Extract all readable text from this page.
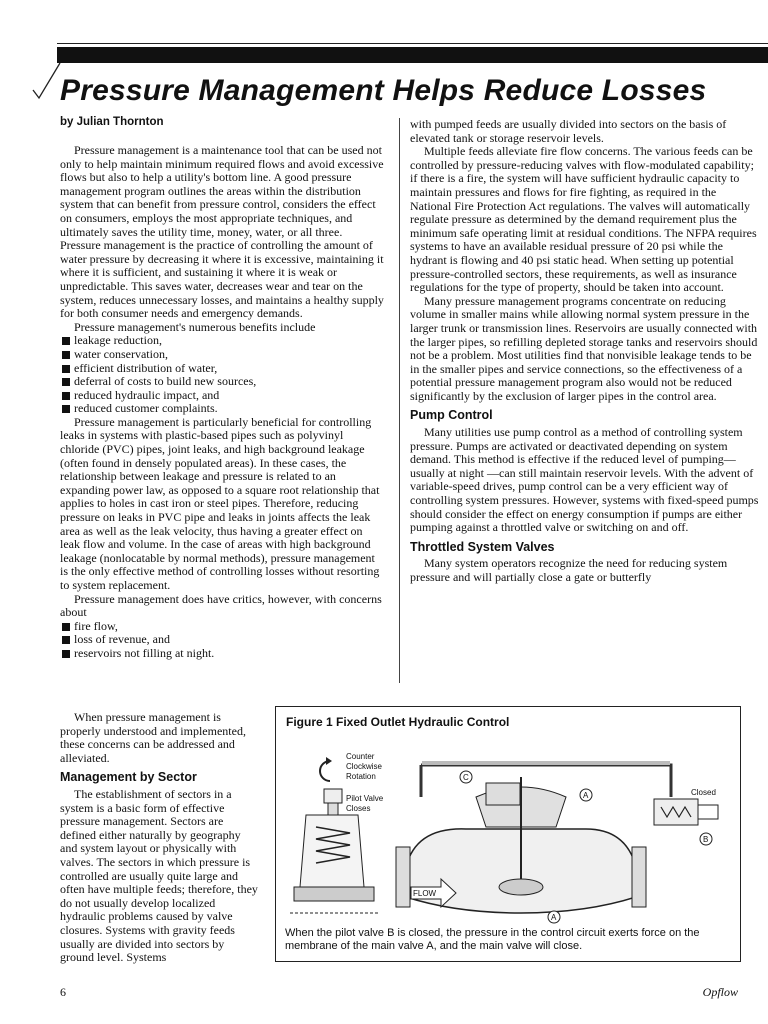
Pressure Management Helps Reduce Losses
by Julian Thornton

Pressure management is a maintenance tool that can be used not only to help maintain minimum required flows and avoid excessive flows but also to help a utility's bottom line. A good pressure management program outlines the areas within the distribution system that can benefit from pressure control, considers the effect on consumers, employs the most appropriate techniques, and ultimately saves the utility time, money, water, or all three. Pressure management is the practice of controlling the amount of water pressure by decreasing it where it is excessive, maintaining it where it is sufficient, and sustaining it where it is weak or unpredictable. This saves water, decreases wear and tear on the system, reduces unnecessary losses, and maintains a healthy supply for both consumer needs and emergency demands.

Pressure management's numerous benefits include

leakage reduction,
water conservation,
efficient distribution of water,
deferral of costs to build new sources,
reduced hydraulic impact, and
reduced customer complaints.

Pressure management is particularly beneficial for controlling leaks in systems with plastic-based pipes such as polyvinyl chloride (PVC) pipes, joint leaks, and high background leakage (often found in densely populated areas). In these cases, the relationship between leakage and pressure is related to an expanding power law, as opposed to a square root relationship that applies to holes in cast iron or steel pipes. Therefore, reducing pressure on leaks in PVC pipe and leaks in joints affects the leak area as well as the leak velocity, thus having a greater effect on leak flow and volume. In the case of areas with high background leakage (nonlocatable by normal methods), pressure management is the only effective method of controlling losses without resorting to system replacement.

Pressure management does have critics, however, with concerns about

fire flow,
loss of revenue, and
reservoirs not filling at night.

When pressure management is properly understood and implemented, these concerns can be addressed and alleviated.

Management by Sector

The establishment of sectors in a system is a basic form of effective pressure management. Sectors are defined either naturally by geography and system layout or physically with valves. The sectors in which pressure is controlled are usually quite large and often have multiple feeds; therefore, they do not usually develop localized hydraulic problems caused by valve closures. Systems with gravity feeds usually are divided into sectors by ground level. Systems

with pumped feeds are usually divided into sectors on the basis of elevated tank or storage reservoir levels.

Multiple feeds alleviate fire flow concerns. The various feeds can be controlled by pressure-reducing valves with flow-modulated capability; if there is a fire, the system will have sufficient hydraulic capacity to maintain pressures and flows for fire fighting, as required in the National Fire Protection Act regulations. The valves will automatically regulate pressure as determined by the demand requirement plus the minimum safe operating limit at residual conditions. The NFPA requires systems to have an available residual pressure of 20 psi while the hydrant is flowing and 40 psi static head. When setting up potential pressure-controlled sectors, these requirements, as well as insurance regulations for the type of property, should be taken into account.

Many pressure management programs concentrate on reducing volume in smaller mains while allowing normal system pressure in the larger trunk or transmission lines. Reservoirs are usually connected with the larger pipes, so refilling depleted storage tanks and reservoirs should not be a problem. Most utilities find that nonvisible leakage tends to be in the smaller pipes and service connections, so the effectiveness of a potential pressure management program also would not be reduced significantly by the exclusion of larger pipes in the control area.

Pump Control

Many utilities use pump control as a method of controlling system pressure. Pumps are activated or deactivated depending on system demand. This method is effective if the reduced level of pumping—usually at night —can still maintain reservoir levels. With the advent of variable-speed drives, pump control can be a very efficient way of controlling system pressures. However, systems with fixed-speed pumps should consider the effect on energy consumption if pumps are either pumping against a throttled valve or switching on and off.

Throttled System Valves

Many system operators recognize the need for reducing system pressure and will partially close a gate or butterfly

Figure 1 Fixed Outlet Hydraulic Control
FLOW
Counter
Clockwise
Rotation
Pilot Valve
Closes
Closed
C
A
B
A
When the pilot valve B is closed, the pressure in the control circuit exerts force on the membrane of the main valve A, and the main valve will close.
6	Opflow
